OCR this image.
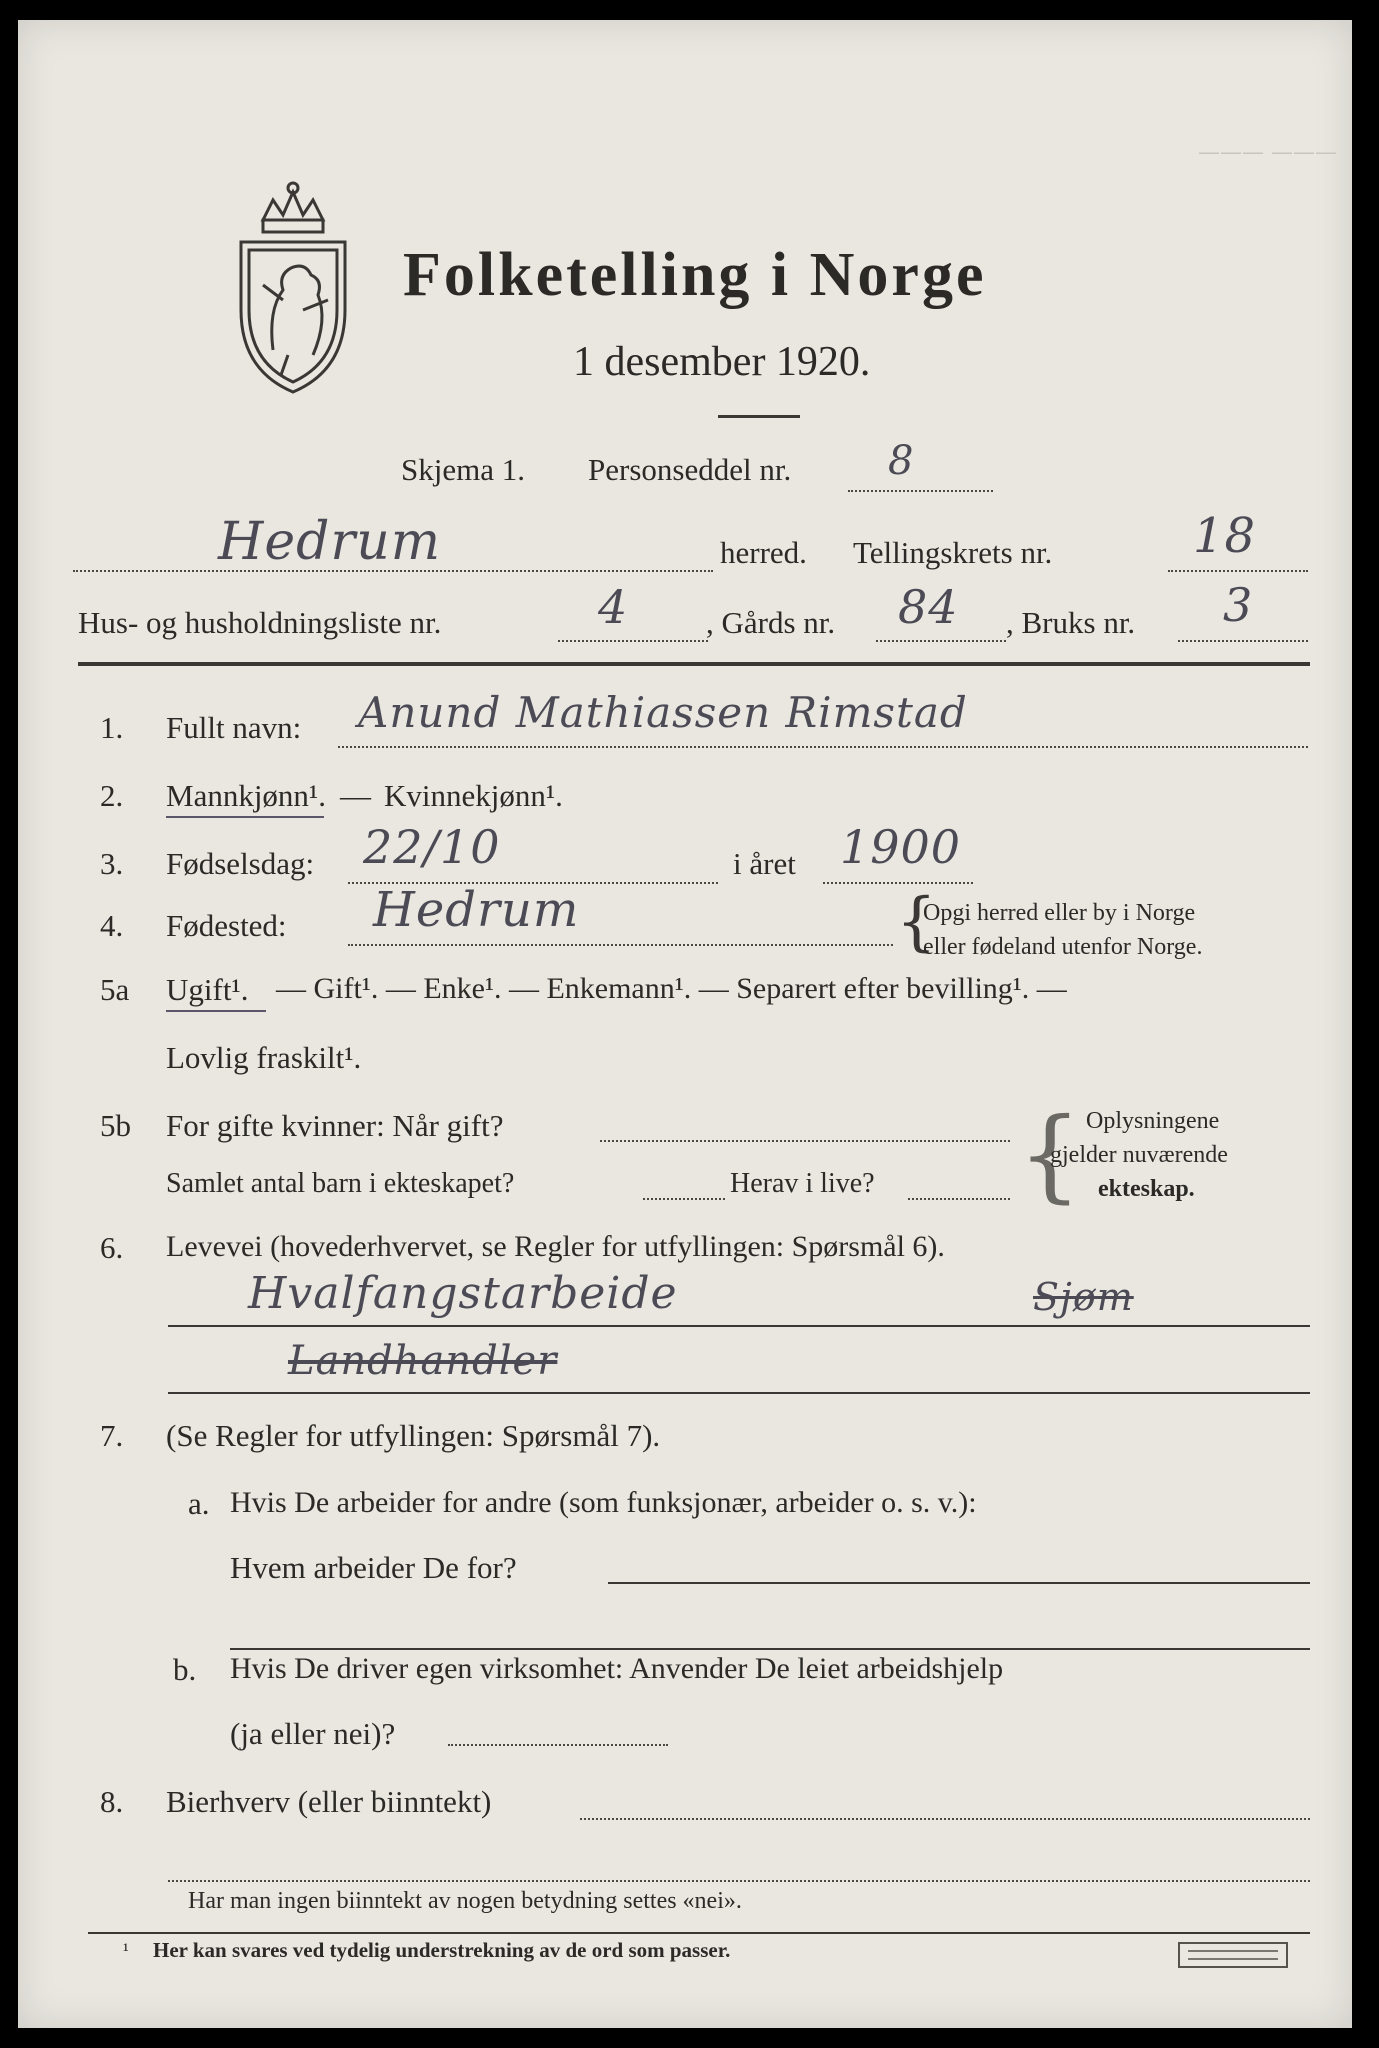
——— ———
Folketelling i Norge
1 desember 1920.
Skjema 1. Personseddel nr. 8
Hedrum	herred. Tellingskrets nr.	18
Hus- og husholdningsliste nr.	4	, Gårds nr. 84 , Bruks nr. 3
1. Fullt navn: Anund Mathiassen Rimstad
2. Mannkjønn¹. — Kvinnekjønn¹.
3. Fødselsdag: 22/10	i året 1900
4. Fødested: Hedrum	{
Opgi herred eller by i Norge
eller fødeland utenfor Norge.
5a Ugift¹. — Gift¹. — Enke¹. — Enkemann¹. — Separert efter bevilling¹. —
Lovlig fraskilt¹.
5b For gifte kvinner: Når gift?
Samlet antal barn i ekteskapet?	Herav i live? { Oplysningene
gjelder nuværende
ekteskap.
6. Levevei (hovederhvervet, se Regler for utfyllingen: Spørsmål 6).
Hvalfangstarbeide	Sjøm
Landhandler
7. (Se Regler for utfyllingen: Spørsmål 7).
a. Hvis De arbeider for andre (som funksjonær, arbeider o. s. v.):
Hvem arbeider De for?
b. Hvis De driver egen virksomhet: Anvender De leiet arbeidshjelp
(ja eller nei)?
8. Bierhverv (eller biinntekt)
Har man ingen biinntekt av nogen betydning settes «nei».
¹ Her kan svares ved tydelig understrekning av de ord som passer.
